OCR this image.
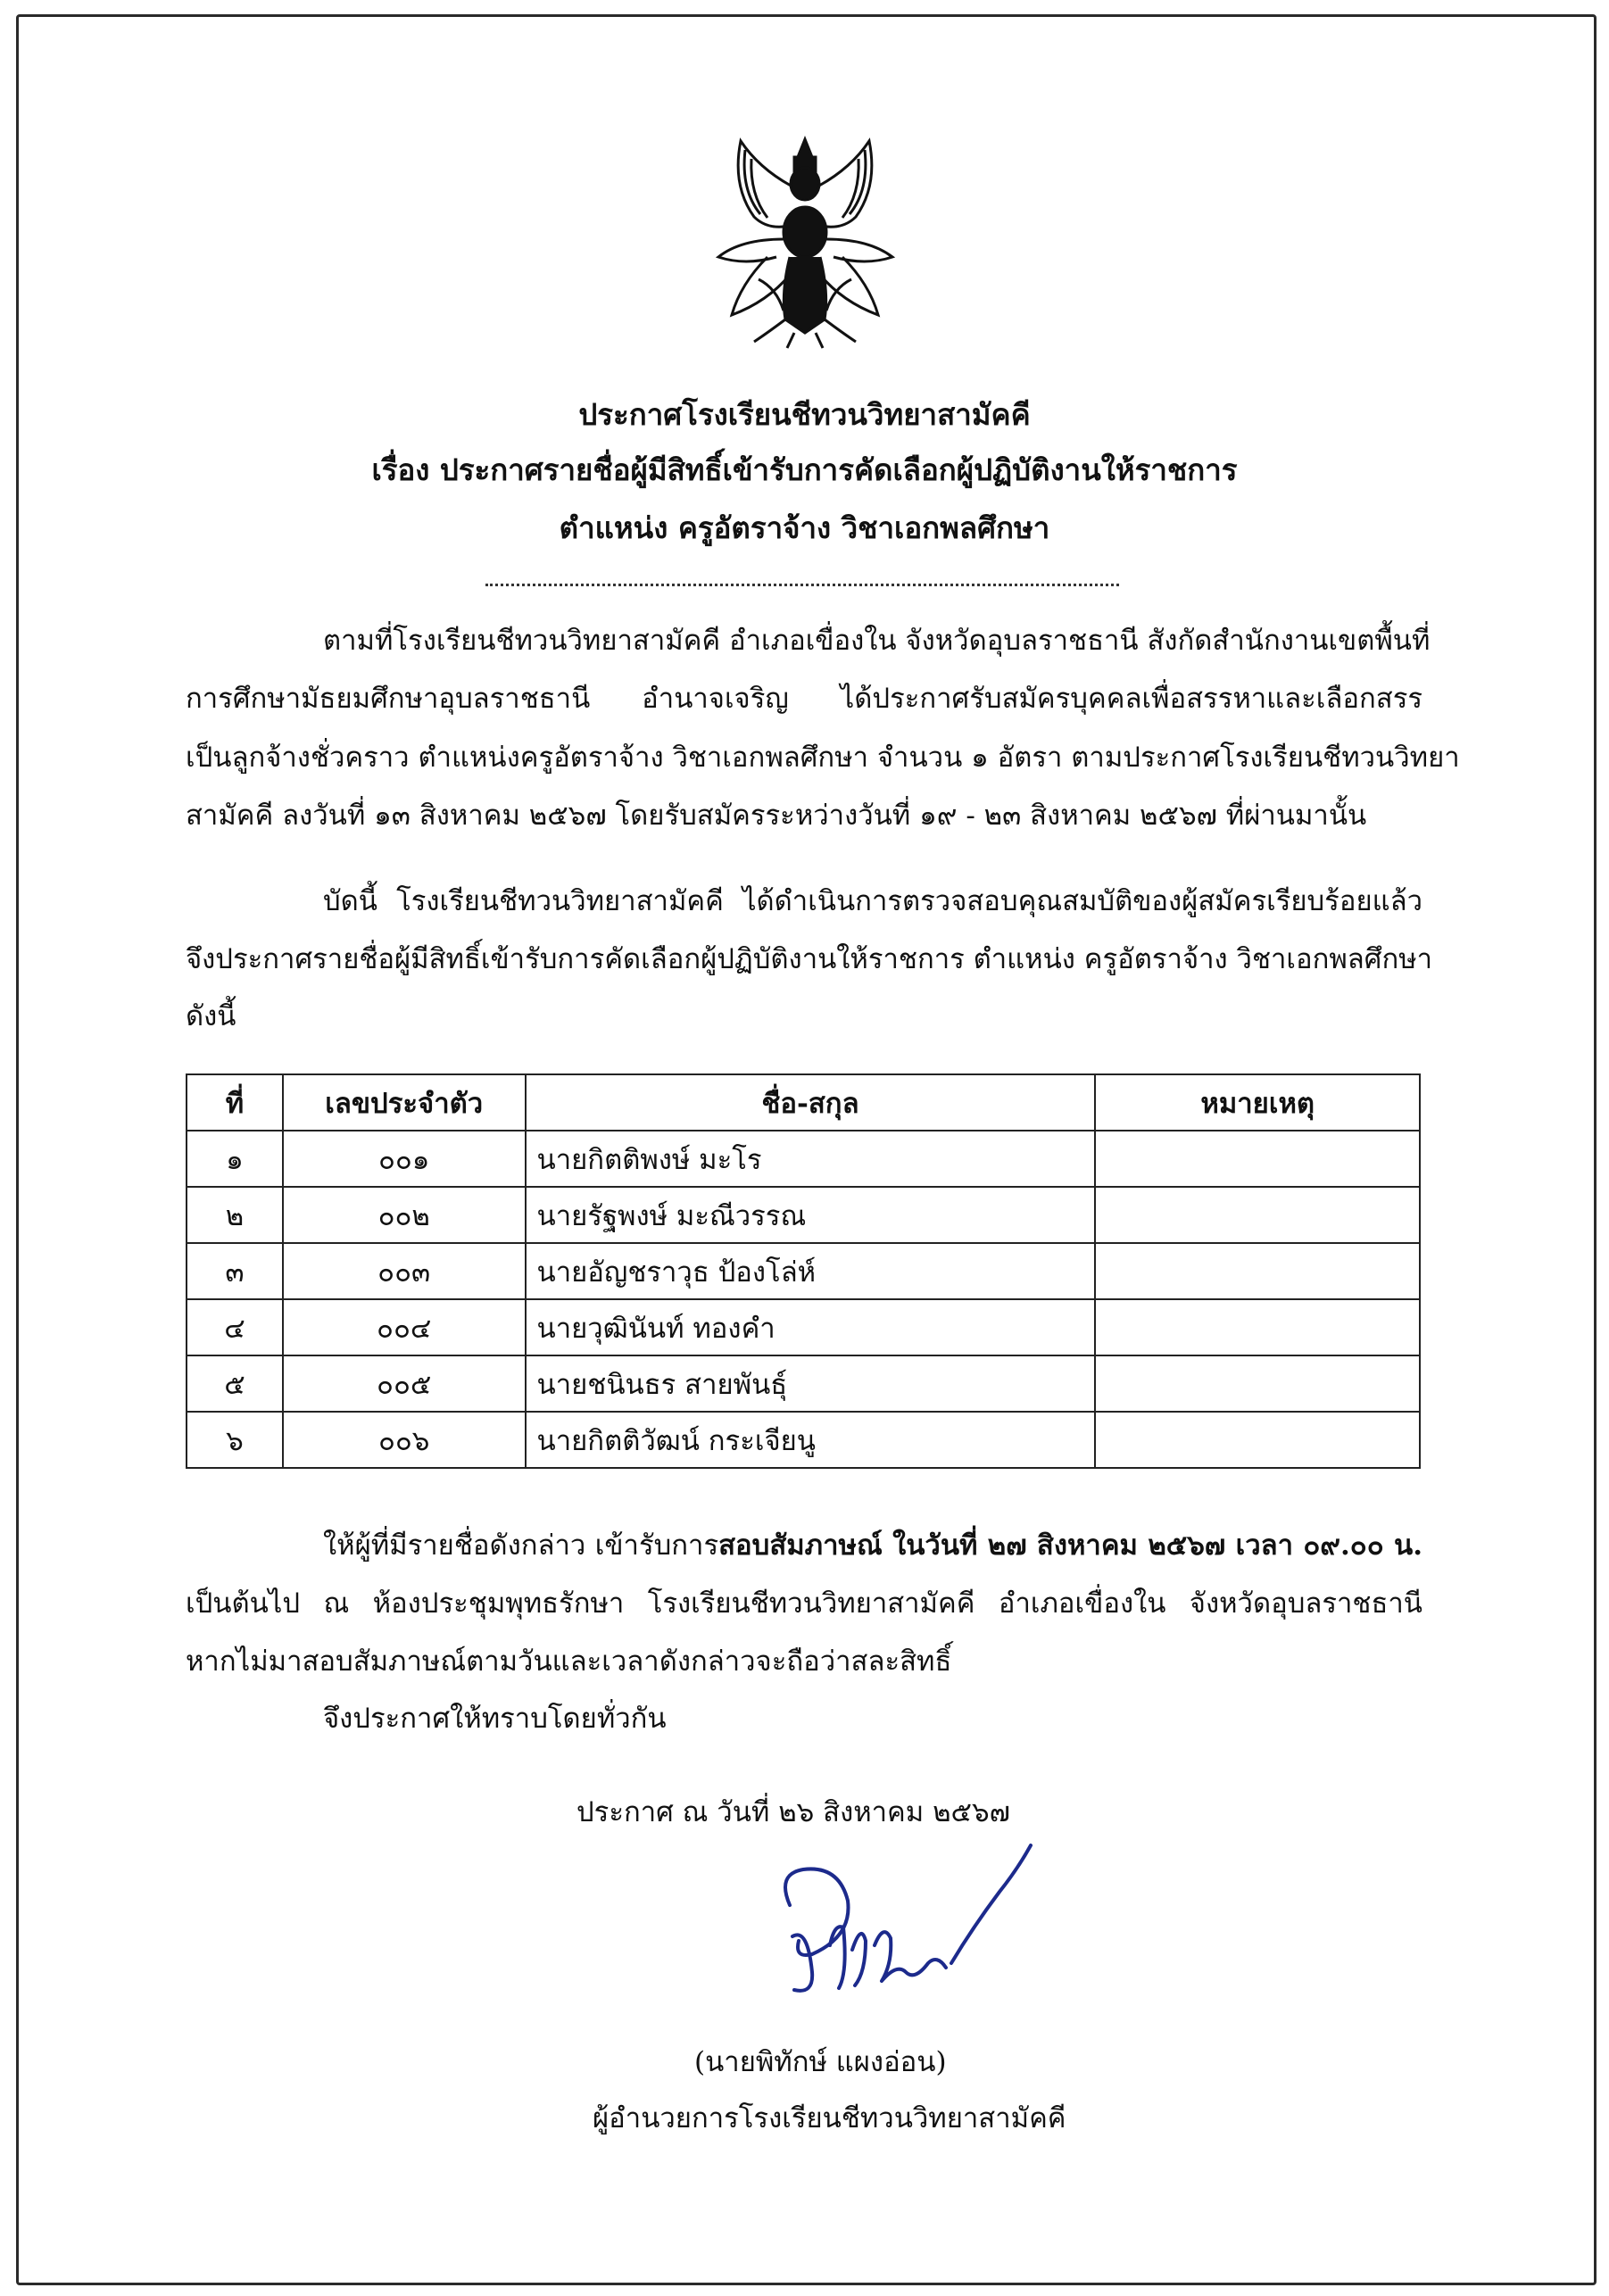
ประกาศโรงเรียนชีทวนวิทยาสามัคคี
เรื่อง ประกาศรายชื่อผู้มีสิทธิ์เข้ารับการคัดเลือกผู้ปฏิบัติงานให้ราชการ
ตำแหน่ง ครูอัตราจ้าง วิชาเอกพลศึกษา
ตามที่โรงเรียนชีทวนวิทยาสามัคคี อำเภอเขื่องใน จังหวัดอุบลราชธานี สังกัดสำนักงานเขตพื้นที่
การศึกษามัธยมศึกษาอุบลราชธานี อำนาจเจริญ ได้ประกาศรับสมัครบุคคลเพื่อสรรหาและเลือกสรร
เป็นลูกจ้างชั่วคราว ตำแหน่งครูอัตราจ้าง วิชาเอกพลศึกษา จำนวน ๑ อัตรา ตามประกาศโรงเรียนชีทวนวิทยา
สามัคคี ลงวันที่ ๑๓ สิงหาคม ๒๕๖๗ โดยรับสมัครระหว่างวันที่ ๑๙ - ๒๓ สิงหาคม ๒๕๖๗ ที่ผ่านมานั้น
บัดนี้ โรงเรียนชีทวนวิทยาสามัคคี ได้ดำเนินการตรวจสอบคุณสมบัติของผู้สมัครเรียบร้อยแล้ว
จึงประกาศรายชื่อผู้มีสิทธิ์เข้ารับการคัดเลือกผู้ปฏิบัติงานให้ราชการ ตำแหน่ง ครูอัตราจ้าง วิชาเอกพลศึกษา
ดังนี้
ที่	เลขประจำตัว	ชื่อ-สกุล	หมายเหตุ
๑	๐๐๑	นายกิตติพงษ์ มะโร	
๒	๐๐๒	นายรัฐพงษ์ มะณีวรรณ	
๓	๐๐๓	นายอัญชราวุธ ป้องโล่ห์	
๔	๐๐๔	นายวุฒินันท์ ทองคำ	
๕	๐๐๕	นายชนินธร สายพันธุ์	
๖	๐๐๖	นายกิตติวัฒน์ กระเจียนู	
ให้ผู้ที่มีรายชื่อดังกล่าว เข้ารับการสอบสัมภาษณ์ ในวันที่ ๒๗ สิงหาคม ๒๕๖๗ เวลา ๐๙.๐๐ น.
เป็นต้นไป ณ ห้องประชุมพุทธรักษา โรงเรียนชีทวนวิทยาสามัคคี อำเภอเขื่องใน จังหวัดอุบลราชธานี
หากไม่มาสอบสัมภาษณ์ตามวันและเวลาดังกล่าวจะถือว่าสละสิทธิ์
จึงประกาศให้ทราบโดยทั่วกัน
ประกาศ ณ วันที่ ๒๖ สิงหาคม ๒๕๖๗
(นายพิทักษ์ แผงอ่อน)
ผู้อำนวยการโรงเรียนชีทวนวิทยาสามัคคี
